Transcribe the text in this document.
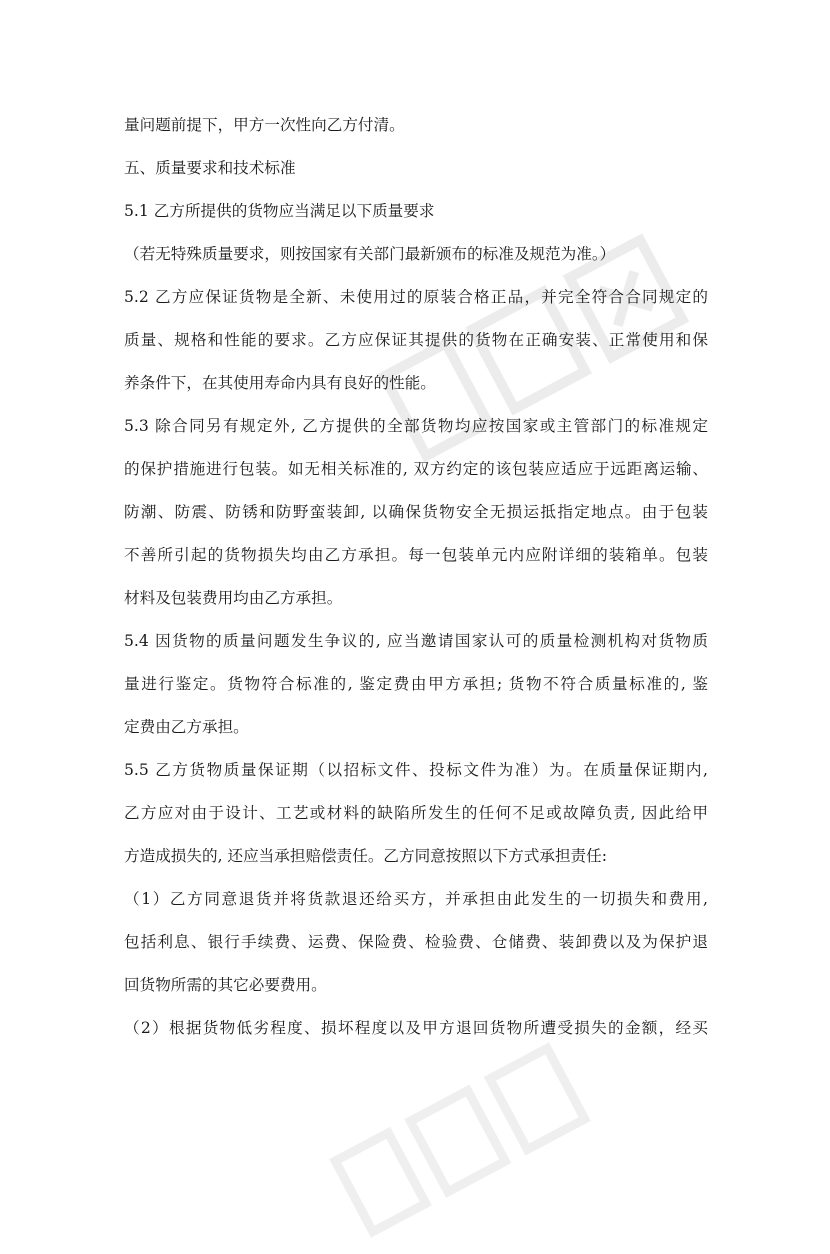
量问题前提下，甲方一次性向乙方付清。
五、质量要求和技术标准
5.1 乙方所提供的货物应当满足以下质量要求
（若无特殊质量要求，则按国家有关部门最新颁布的标准及规范为准。）
5.2 乙方应保证货物是全新、未使用过的原装合格正品，并完全符合合同规定的
质量、规格和性能的要求。乙方应保证其提供的货物在正确安装、正常使用和保
养条件下，在其使用寿命内具有良好的性能。
5.3 除合同另有规定外, 乙方提供的全部货物均应按国家或主管部门的标准规定
的保护措施进行包装。如无相关标准的, 双方约定的该包装应适应于远距离运输、
防潮、防震、防锈和防野蛮装卸, 以确保货物安全无损运抵指定地点。由于包装
不善所引起的货物损失均由乙方承担。每一包装单元内应附详细的装箱单。包装
材料及包装费用均由乙方承担。
5.4 因货物的质量问题发生争议的, 应当邀请国家认可的质量检测机构对货物质
量进行鉴定。货物符合标准的, 鉴定费由甲方承担; 货物不符合质量标准的, 鉴
定费由乙方承担。
5.5 乙方货物质量保证期（以招标文件、投标文件为准）为。在质量保证期内,
乙方应对由于设计、工艺或材料的缺陷所发生的任何不足或故障负责, 因此给甲
方造成损失的, 还应当承担赔偿责任。乙方同意按照以下方式承担责任:
（1）乙方同意退货并将货款退还给买方，并承担由此发生的一切损失和费用,
包括利息、银行手续费、运费、保险费、检验费、仓储费、装卸费以及为保护退
回货物所需的其它必要费用。
（2）根据货物低劣程度、损坏程度以及甲方退回货物所遭受损失的金额，经买
